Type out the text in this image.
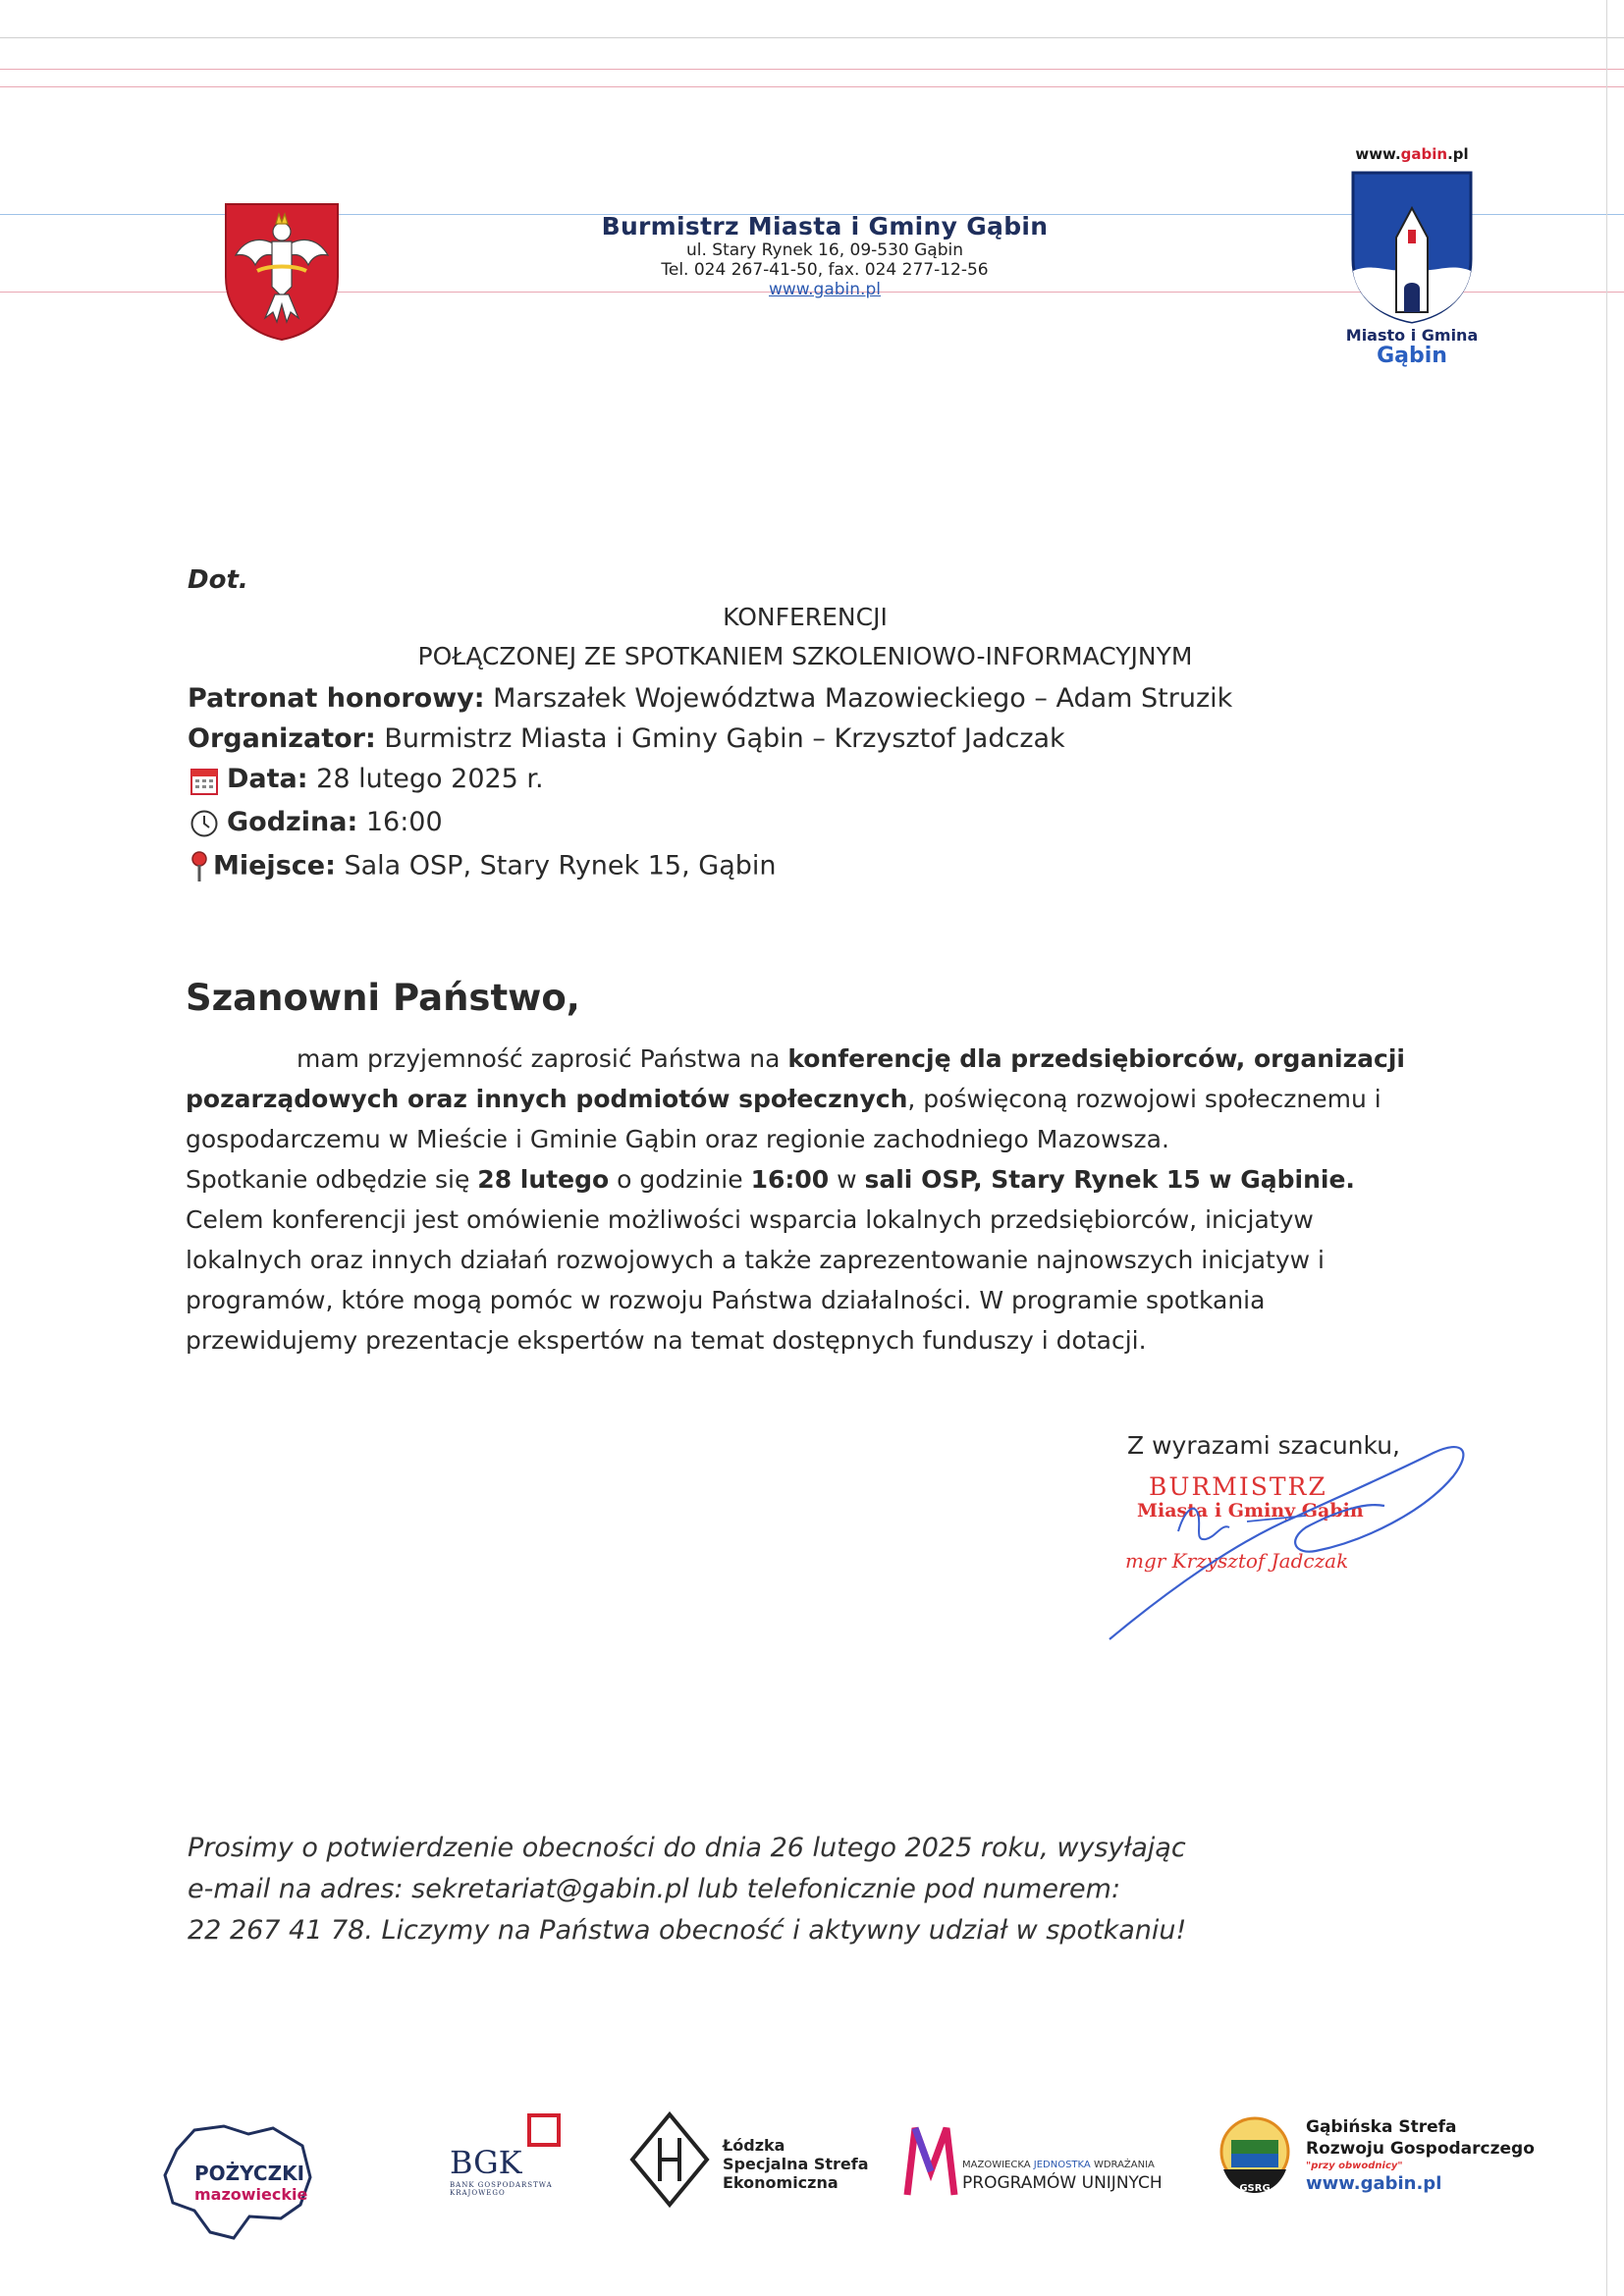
Burmistrz Miasta i Gminy Gąbin
ul. Stary Rynek 16, 09-530 Gąbin
Tel. 024 267-41-50, fax. 024 277-12-56
www.gabin.pl
www.gabin.pl
Miasto i Gmina
Gąbin
Dot.
KONFERENCJI
POŁĄCZONEJ ZE SPOTKANIEM SZKOLENIOWO-INFORMACYJNYM
Patronat honorowy: Marszałek Województwa Mazowieckiego – Adam Struzik
Organizator: Burmistrz Miasta i Gminy Gąbin – Krzysztof Jadczak
Data: 28 lutego 2025 r.
Godzina: 16:00
Miejsce: Sala OSP, Stary Rynek 15, Gąbin
Szanowni Państwo,
mam przyjemność zaprosić Państwa na konferencję dla przedsiębiorców, organizacji pozarządowych oraz innych podmiotów społecznych, poświęconą rozwojowi społecznemu i gospodarczemu w Mieście i Gminie Gąbin oraz regionie zachodniego Mazowsza.
Spotkanie odbędzie się 28 lutego o godzinie 16:00 w sali OSP, Stary Rynek 15 w Gąbinie.
Celem konferencji jest omówienie możliwości wsparcia lokalnych przedsiębiorców, inicjatyw lokalnych oraz innych działań rozwojowych a także zaprezentowanie najnowszych inicjatyw i programów, które mogą pomóc w rozwoju Państwa działalności. W programie spotkania przewidujemy prezentacje ekspertów na temat dostępnych funduszy i dotacji.
Z wyrazami szacunku,
BURMISTRZ
Miasta i Gminy Gąbin
mgr Krzysztof Jadczak
Prosimy o potwierdzenie obecności do dnia 26 lutego 2025 roku, wysyłając
e-mail na adres: sekretariat@gabin.pl lub telefonicznie pod numerem:
22 267 41 78. Liczymy na Państwa obecność i aktywny udział w spotkaniu!
POŻYCZKI
mazowieckie
BGK
BANK GOSPODARSTWA KRAJOWEGO
Łódzka
Specjalna Strefa
Ekonomiczna
MAZOWIECKA JEDNOSTKA WDRAŻANIA
PROGRAMÓW UNIJNYCH	GSRG
Gąbińska Strefa
Rozwoju Gospodarczego
"przy obwodnicy"
www.gabin.pl
